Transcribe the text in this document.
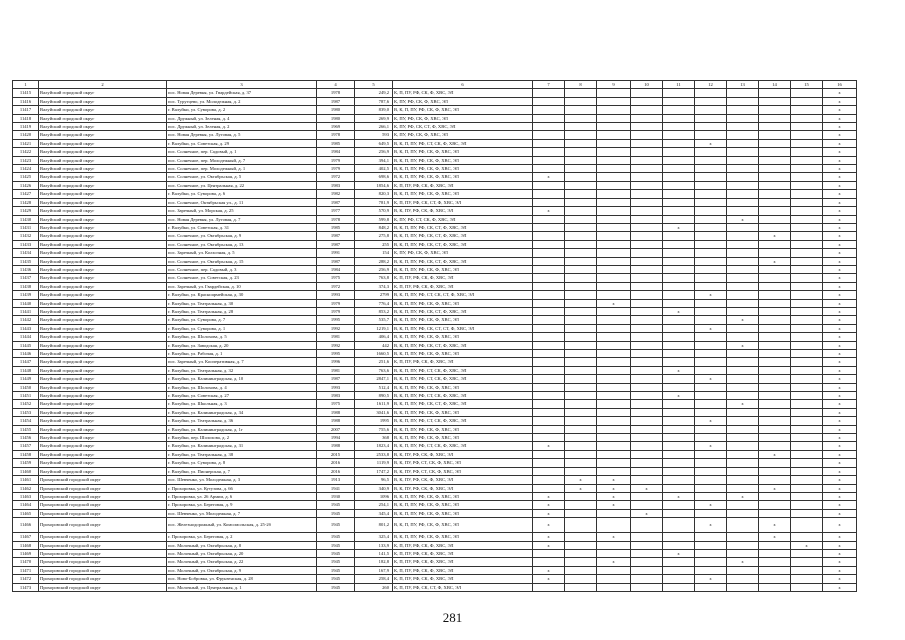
1	2	3	4	5	6	7	8	9	10	11	12	13	14	15	16
11415	Валуйский городской округ	пос. Новая Деревня, ул. Гвардейская, д. 37	1978	249,2	К, П, ПУ, РФ, СК, Ф, ХВС, ЭЛ										x
11416	Валуйский городской округ	пос. Туругцево, ул. Молодежная, д. 2	1987	787,6	К, ПУ, РФ, СК, Ф, ХВС, ЭЛ										x
11417	Валуйский городской округ	г. Валуйки, ул. Суворова, д. 2	1980	839,0	В, К, П, ПУ, РФ, СК, Ф, ХВС, ЭЛ										x
11418	Валуйский городской округ	пос. Дружный, ул. Зеленая, д. 4	1980	269,9	К, ПУ, РФ, СК, Ф, ХВС, ЭЛ										x
11419	Валуйский городской округ	пос. Дружный, ул. Зеленая, д. 2	1969	266,1	К, ПУ, РФ, СК, СТ, Ф, ХВС, ЭЛ										x
11420	Валуйский городской округ	пос. Новая Деревня, ул. Луговая, д. 5	1978	593	К, ПУ, РФ, СК, Ф, ХВС, ЭЛ										x
11421	Валуйский городской округ	г. Валуйки, ул. Советская, д. 29	1985	649,5	В, К, П, ПУ, РФ, СТ, СК, Ф, ХВС, ЭЛ						x				x
11422	Валуйский городской округ	пос. Солнечное, пер. Садовый, д. 1	1984	256,9	В, К, П, ПУ, РФ, СК, Ф, ХВС, ЭЛ										x
11423	Валуйский городской округ	пос. Солнечное, пер. Молодежный, д. 7	1979	394,1	В, К, П, ПУ, РФ, СК, Ф, ХВС, ЭЛ										x
11424	Валуйский городской округ	пос. Солнечное, пер. Молодежный, д. 1	1979	402,5	В, К, П, ПУ, РФ, СК, Ф, ХВС, ЭЛ										x
11425	Валуйский городской округ	пос. Солнечное, ул. Октябрьская, д. 5	1972	698,6	В, К, П, ПУ, РФ, СК, Ф, ХВС, ЭЛ	x									x
11426	Валуйский городской округ	пос. Солнечное, ул. Центральная, д. 22	1983	1854,6	К, П, ПУ, РФ, СК, Ф, ХВС, ЭЛ										x
11427	Валуйский городской округ	г. Валуйки, ул. Суворова, д. 6	1982	820,3	В, К, П, ПУ, РФ, СК, Ф, ХВС, ЭЛ										x
11428	Валуйский городской округ	пос. Солнечное, Октябрьская ул., д. 11	1987	781,9	К, П, ПУ, РФ, СК, СТ, Ф, ХВС, ЭЛ										x
11429	Валуйский городской округ	пос. Заречный, ул. Морская, д. 25	1977	570,9	В, К, ПУ, РФ, СК, Ф, ХВС, ЭЛ	x									x
11430	Валуйский городской округ	пос. Новая Деревня, ул. Луговая, д. 7	1978	599,8	К, ПУ, РФ, СТ, СК, Ф, ХВС, ЭЛ							x			x
11431	Валуйский городской округ	г. Валуйки, ул. Советская, д. 31	1985	848,2	В, К, П, ПУ, РФ, СК, СТ, Ф, ХВС, ЭЛ					x					x
11432	Валуйский городской округ	пос. Солнечное, ул. Октябрьская, д. 9	1987	275,8	В, К, П, ПУ, РФ, СК, СТ, Ф, ХВС, ЭЛ								x		x
11433	Валуйский городской округ	пос. Солнечное, ул. Октябрьская, д. 13	1987	255	В, К, П, ПУ, РФ, СК, СТ, Ф, ХВС, ЭЛ										x
11434	Валуйский городской округ	пос. Заречный, ул. Колхозная, д. 5	1991	154	К, ПУ, РФ, СК, Ф, ХВС, ЭЛ										x
11435	Валуйский городской округ	пос. Солнечное, ул. Октябрьская, д. 15	1987	288,2	В, К, П, ПУ, РФ, СК, СТ, Ф, ХВС, ЭЛ								x		x
11436	Валуйский городской округ	пос. Солнечное, пер. Садовый, д. 3	1984	256,9	В, К, П, ПУ, РФ, СК, Ф, ХВС, ЭЛ										x
11437	Валуйский городской округ	пос. Солнечное, ул. Советская, д. 23	1975	763,8	К, П, ПУ, РФ, СК, Ф, ХВС, ЭЛ										x
11438	Валуйский городской округ	пос. Заречный, ул. Гвардейская, д. 10	1972	374,3	К, П, ПУ, РФ, СК, Ф, ХВС, ЭЛ										x
11439	Валуйский городской округ	г. Валуйки, ул. Красноармейская, д. 30	1993	2799	В, К, П, ПУ, РФ, СТ, СК, СТ, Ф, ХВС, ЭЛ						x				x
11440	Валуйский городской округ	г. Валуйки, ул. Театральная, д. 30	1979	776,4	В, К, П, ПУ, РФ, СК, Ф, ХВС, ЭЛ			x							x
11441	Валуйский городской округ	г. Валуйки, ул. Театральная, д. 28	1979	853,2	В, К, П, ПУ, РФ, СК, СТ, Ф, ХВС, ЭЛ					x					x
11442	Валуйский городской округ	г. Валуйки, ул. Суворова, д. 7	1995	535,7	В, К, П, ПУ, РФ, СК, Ф, ХВС, ЭЛ							x			x
11443	Валуйский городской округ	г. Валуйки, ул. Суворова, д. 1	1992	1219,1	В, К, П, ПУ, РФ, СК, СТ, СТ, Ф, ХВС, ЭЛ						x				x
11444	Валуйский городской округ	г. Валуйки, ул. Шолохова, д. 5	1981	406,4	В, К, П, ПУ, РФ, СК, Ф, ХВС, ЭЛ										x
11445	Валуйский городской округ	г. Валуйки, ул. Заводская, д. 20	1992	442	В, К, П, ПУ, РФ, СК, СТ, Ф, ХВС, ЭЛ							x			x
11446	Валуйский городской округ	г. Валуйки, ул. Рабочая, д. 1	1995	1660,5	В, К, П, ПУ, РФ, СК, Ф, ХВС, ЭЛ										x
11447	Валуйский городской округ	пос. Заречный, ул. Кооперативная, д. 7	1996	251,6	К, П, ПУ, РФ, СК, Ф, ХВС, ЭЛ										x
11448	Валуйский городской округ	г. Валуйки, ул. Театральная, д. 32	1981	763,6	В, К, П, ПУ, РФ, СТ, СК, Ф, ХВС, ЭЛ					x					x
11449	Валуйский городской округ	г. Валуйки, ул. Калининградская, д. 10	1987	2847,1	В, К, П, ПУ, РФ, СТ, СК, Ф, ХВС, ЭЛ						x				x
11450	Валуйский городской округ	г. Валуйки, ул. Шолохова, д. 4	1993	512,4	В, К, П, ПУ, РФ, СК, Ф, ХВС, ЭЛ										x
11451	Валуйский городской округ	г. Валуйки, ул. Советская, д. 27	1983	890,5	В, К, П, ПУ, РФ, СТ, СК, Ф, ХВС, ЭЛ					x					x
11452	Валуйский городской округ	г. Валуйки, ул. Школьная, д. 3	1975	1611,9	В, К, П, ПУ, РФ, СК, СТ, Ф, ХВС, ЭЛ							x			x
11453	Валуйский городской округ	г. Валуйки, ул. Калининградская, д. 34	1988	3041,6	В, К, П, ПУ, РФ, СК, Ф, ХВС, ЭЛ										x
11454	Валуйский городской округ	г. Валуйки, ул. Театральная, д. 36	1988	1995	В, К, П, ПУ, РФ, СТ, СК, Ф, ХВС, ЭЛ						x				x
11455	Валуйский городской округ	г. Валуйки, ул. Калининградская, д. 1г	2007	755,6	В, К, П, ПУ, РФ, СК, Ф, ХВС, ЭЛ										x
11456	Валуйский городской округ	г. Валуйки, пер. Шолохова, д. 2	1994	368	В, К, П, ПУ, РФ, СК, Ф, ХВС, ЭЛ										x
11457	Валуйский городской округ	г. Валуйки, ул. Калининградская, д. 31	1988	1823,4	В, К, П, ПУ, РФ, СТ, СК, Ф, ХВС, ЭЛ	x					x				x
11458	Валуйский городской округ	г. Валуйки, ул. Театральная, д. 38	2015	2533,8	В, К, ПУ, РФ, СК, Ф, ХВС, ЭЛ								x		x
11459	Валуйский городской округ	г. Валуйки, ул. Суворова, д. 8	2016	1119,9	В, К, ПУ, РФ, СТ, СК, Ф, ХВС, ЭЛ										x
11460	Валуйский городской округ	г. Валуйки, ул. Пионерская, д. 7	2016	1747,2	В, К, ПУ, РФ, СТ, СК, Ф, ХВС, ЭЛ										x
11461	Прохоровский городской округ	пос. Шевченко, ул. Молодежная, д. 3	1913	96,5	В, К, ПУ, РФ, СК, Ф, ХВС, ЭЛ		x	x							x
11462	Прохоровский городской округ	г. Прохоровка, ул. Кутузова, д. 66	1941	340,9	В, К, ПУ, РФ, СК, Ф, ХВС, ЭЛ		x	x	x				x		x
11463	Прохоровский городской округ	г. Прохоровка, ул. 26 Армии, д. 6	1930	1096	В, К, П, ПУ, РФ, СК, Ф, ХВС, ЭЛ	x		x		x		x			x
11464	Прохоровский городской округ	г. Прохоровка, ул. Береговая, д. 9	1945	254,1	В, К, П, ПУ, РФ, СК, Ф, ХВС, ЭЛ	x		x			x				x
11465	Прохоровский городской округ	пос. Шевченко, ул. Молодежная, д. 7	1945	345,4	В, К, П, ПУ, РФ, СК, Ф, ХВС, ЭЛ	x			x						x
11466	Прохоровский городской округ	пос. Железнодорожный, ул. Комсомольская, д. 25-2б	1945	801,2	В, К, П, ПУ, РФ, СК, Ф, ХВС, ЭЛ	x					x		x		x
11467	Прохоровский городской округ	г. Прохоровка, ул. Береговая, д. 2	1945	325,4	В, К, П, ПУ, РФ, СК, Ф, ХВС, ЭЛ	x		x					x		x
11468	Прохоровский городской округ	пос. Молочный, ул. Октябрьская, д. 8	1945	133,9	К, П, ПУ, РФ, СК, Ф, ХВС, ЭЛ	x								x	x
11469	Прохоровский городской округ	пос. Молочный, ул. Октябрьская, д. 20	1945	141,5	К, П, ПУ, РФ, СК, Ф, ХВС, ЭЛ					x					x
11470	Прохоровский городской округ	пос. Молочный, ул. Октябрьская, д. 22	1945	182,8	К, П, ПУ, РФ, СК, Ф, ХВС, ЭЛ			x				x			x
11471	Прохоровский городской округ	пос. Молочный, ул. Октябрьская, д. 9	1945	167,9	К, П, ПУ, РФ, СК, Ф, ХВС, ЭЛ	x									x
11472	Прохоровский городской округ	пос. Ново-Бобровка, ул. Фрунзенская, д. 28	1945	258,4	К, П, ПУ, РФ, СК, Ф, ХВС, ЭЛ	x					x				x
11473	Прохоровский городской округ	пос. Молочный, ул. Центральная, д. 1	1945	260	К, П, ПУ, РФ, СК, СТ, Ф, ХВС, ЭЛ										x
281
